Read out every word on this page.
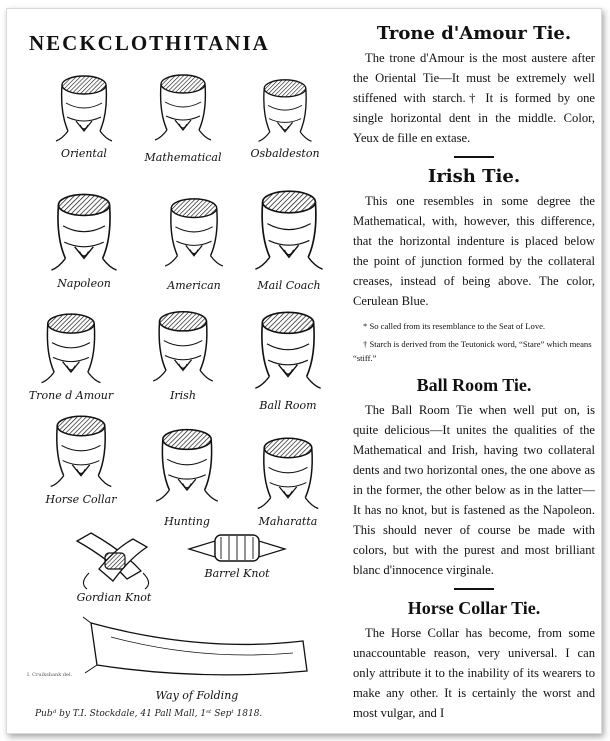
NECKCLOTHITANIA
Oriental	Mathematical	Osbaldeston
Napoleon	American	Mail Coach
Trone d Amour	Irish
Ball Room
Horse Collar
Hunting	Maharatta
Gordian Knot
Barrel Knot
Way of Folding
I. Cruikshank del.
Pubᵈ by T.I. Stockdale, 41 Pall Mall, 1ˢᵗ Sepᵗ 1818.
Trone d'Amour Tie.

The trone d'Amour is the most austere after the Oriental Tie—It must be extremely well stiffened with starch.† It is formed by one single horizontal dent in the middle. Color, Yeux de fille en extase.

Irish Tie.

This one resembles in some degree the Mathematical, with, however, this difference, that the horizontal indenture is placed below the point of junction formed by the collateral creases, instead of being above. The color, Cerulean Blue.

* So called from its resemblance to the Seat of Love.

† Starch is derived from the Teutonick word, “Stare” which means “stiff.”

Ball Room Tie.

The Ball Room Tie when well put on, is quite delicious—It unites the qualities of the Mathematical and Irish, having two collateral dents and two horizontal ones, the one above as in the former, the other below as in the latter—It has no knot, but is fastened as the Napoleon. This should never of course be made with colors, but with the purest and most brilliant blanc d'innocence virginale.

Horse Collar Tie.

The Horse Collar has become, from some unaccountable reason, very universal. I can only attribute it to the inability of its wearers to make any other. It is certainly the worst and most vulgar, and I
